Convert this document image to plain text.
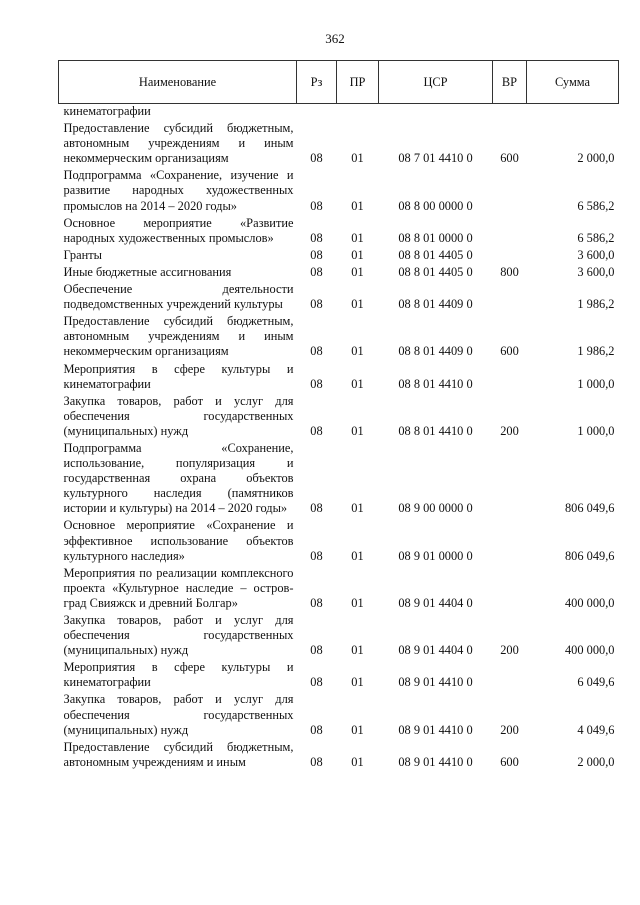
362
Наименование	Рз	ПР	ЦСР	ВР	Сумма
кинематографии					
Предоставление субсидий бюджетным, автономным учреждениям и иным некоммерческим организациям	08	01	08 7 01 4410 0	600	2 000,0
Подпрограмма «Сохранение, изучение и развитие народных художественных промыслов на 2014 – 2020 годы»	08	01	08 8 00 0000 0		6 586,2
Основное мероприятие «Развитие народных художественных промыслов»	08	01	08 8 01 0000 0		6 586,2
Гранты	08	01	08 8 01 4405 0		3 600,0
Иные бюджетные ассигнования	08	01	08 8 01 4405 0	800	3 600,0
Обеспечение деятельности подведомственных учреждений культуры	08	01	08 8 01 4409 0		1 986,2
Предоставление субсидий бюджетным, автономным учреждениям и иным некоммерческим организациям	08	01	08 8 01 4409 0	600	1 986,2
Мероприятия в сфере культуры и кинематографии	08	01	08 8 01 4410 0		1 000,0
Закупка товаров, работ и услуг для обеспечения государственных (муниципальных) нужд	08	01	08 8 01 4410 0	200	1 000,0
Подпрограмма «Сохранение, использование, популяризация и государственная охрана объектов культурного наследия (памятников истории и культуры) на 2014 – 2020 годы»	08	01	08 9 00 0000 0		806 049,6
Основное мероприятие «Сохранение и эффективное использование объектов культурного наследия»	08	01	08 9 01 0000 0		806 049,6
Мероприятия по реализации комплексного проекта «Культурное наследие – остров-град Свияжск и древний Болгар»	08	01	08 9 01 4404 0		400 000,0
Закупка товаров, работ и услуг для обеспечения государственных (муниципальных) нужд	08	01	08 9 01 4404 0	200	400 000,0
Мероприятия в сфере культуры и кинематографии	08	01	08 9 01 4410 0		6 049,6
Закупка товаров, работ и услуг для обеспечения государственных (муниципальных) нужд	08	01	08 9 01 4410 0	200	4 049,6
Предоставление субсидий бюджетным, автономным учреждениям и иным	08	01	08 9 01 4410 0	600	2 000,0
